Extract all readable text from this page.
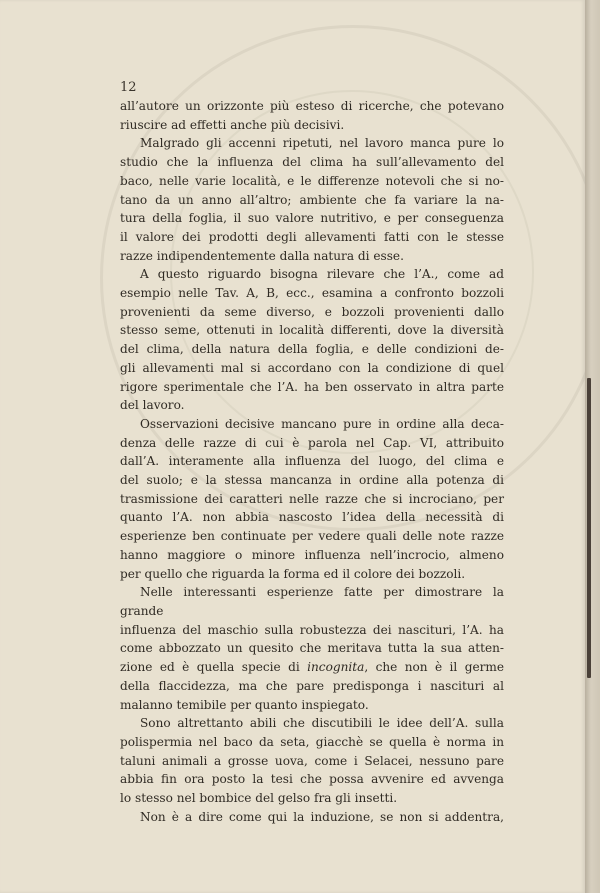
12

all’autore un orizzonte più esteso di ricerche, che potevano

riuscire ad effetti anche più decisivi.

Malgrado gli accenni ripetuti, nel lavoro manca pure lo

studio che la influenza del clima ha sull’allevamento del

baco, nelle varie località, e le differenze notevoli che si no-

tano da un anno all’altro; ambiente che fa variare la na-

tura della foglia, il suo valore nutritivo, e per conseguenza

il valore dei prodotti degli allevamenti fatti con le stesse

razze indipendentemente dalla natura di esse.

A questo riguardo bisogna rilevare che l’A., come ad

esempio nelle Tav. A, B, ecc., esamina a confronto bozzoli

provenienti da seme diverso, e bozzoli provenienti dallo

stesso seme, ottenuti in località differenti, dove la diversità

del clima, della natura della foglia, e delle condizioni de-

gli allevamenti mal si accordano con la condizione di quel

rigore sperimentale che l’A. ha ben osservato in altra parte

del lavoro.

Osservazioni decisive mancano pure in ordine alla deca-

denza delle razze di cui è parola nel Cap. VI, attribuito

dall’A. interamente alla influenza del luogo, del clima e

del suolo; e la stessa mancanza in ordine alla potenza di

trasmissione dei caratteri nelle razze che si incrociano, per

quanto l’A. non abbia nascosto l’idea della necessità di

esperienze ben continuate per vedere quali delle note razze

hanno maggiore o minore influenza nell’incrocio, almeno

per quello che riguarda la forma ed il colore dei bozzoli.

Nelle interessanti esperienze fatte per dimostrare la grande

influenza del maschio sulla robustezza dei nascituri, l’A. ha

come abbozzato un quesito che meritava tutta la sua atten-

zione ed è quella specie di incognita, che non è il germe

della flaccidezza, ma che pare predisponga i nascituri al

malanno temibile per quanto inspiegato.

Sono altrettanto abili che discutibili le idee dell’A. sulla

polispermia nel baco da seta, giacchè se quella è norma in

taluni animali a grosse uova, come i Selacei, nessuno pare

abbia fin ora posto la tesi che possa avvenire ed avvenga

lo stesso nel bombice del gelso fra gli insetti.

Non è a dire come qui la induzione, se non si addentra,
